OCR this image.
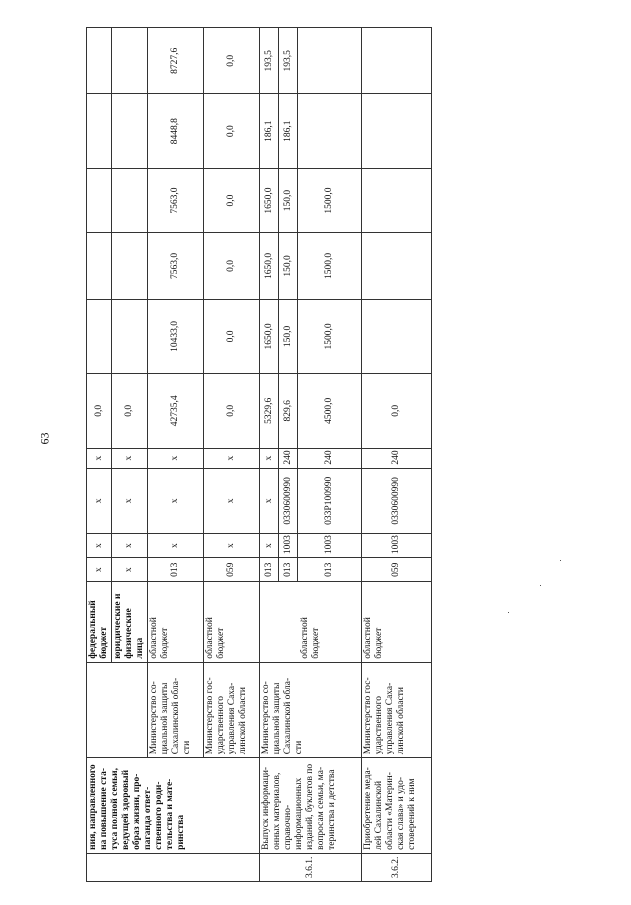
63
	ния, направленного на повышение ста-туса полной семьи, ведущей здоровый образ жизни, про-паганда ответ-ственного роди-тельства и мате-ринства		федеральный бюджет	x	x	x	x	0,0					
			юридические и физические лица	x	x	x	x	0,0					
		Министерство со-циальной защиты Сахалинской обла-сти	областной бюджет	013	x	x	x	42735,4	10433,0	7563,0	7563,0	8448,8	8727,6
		Министерство гос-ударственного управления Саха-линской области	областной бюджет	059	x	x	x	0,0	0,0	0,0	0,0	0,0	0,0
3.6.1.	Выпуск информаци-онных материалов, справочно-информационных изданий, буклетов по вопросам семьи, ма-теринства и детства	Министерство со-циальной защиты Сахалинской обла-сти	областной бюджет	013	x	x	x	5329,6	1650,0	1650,0	1650,0	186,1	193,5
				013	1003	0330600990	240	829,6	150,0	150,0	150,0	186,1	193,5
				013	1003	033Р100990	240	4500,0	1500,0	1500,0	1500,0		
3.6.2.	Приобретение меда-лей Сахалинской области «Материн-ская слава» и удо-стоверений к ним	Министерство гос-ударственного управления Саха-линской области	областной бюджет	059	1003	0330600990	240	0,0					
